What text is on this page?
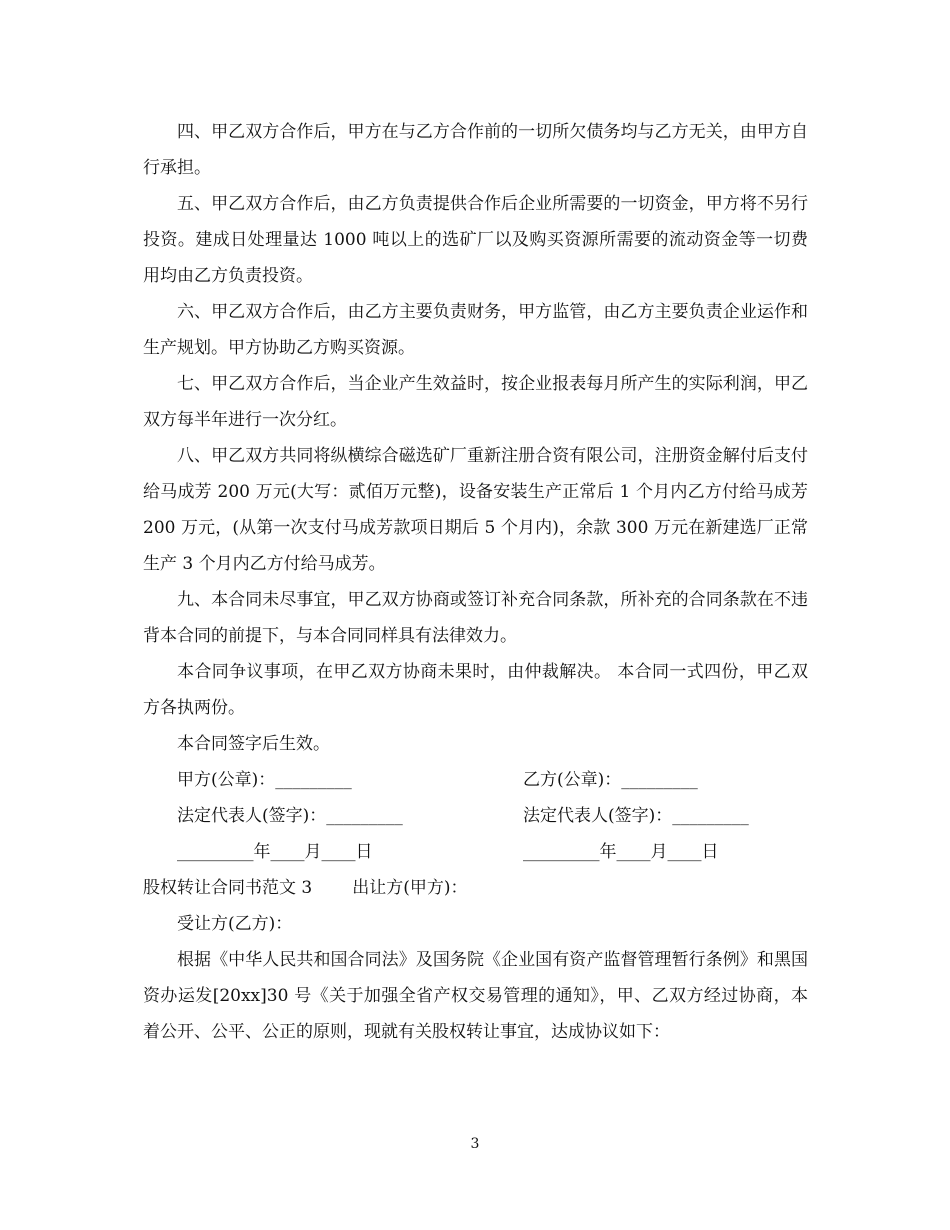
四、甲乙双方合作后，甲方在与乙方合作前的一切所欠债务均与乙方无关，由甲方自行承担。

五、甲乙双方合作后，由乙方负责提供合作后企业所需要的一切资金，甲方将不另行投资。建成日处理量达 1000 吨以上的选矿厂以及购买资源所需要的流动资金等一切费用均由乙方负责投资。

六、甲乙双方合作后，由乙方主要负责财务，甲方监管，由乙方主要负责企业运作和生产规划。甲方协助乙方购买资源。

七、甲乙双方合作后，当企业产生效益时，按企业报表每月所产生的实际利润，甲乙双方每半年进行一次分红。

八、甲乙双方共同将纵横综合磁选矿厂重新注册合资有限公司，注册资金解付后支付给马成芳 200 万元(大写：贰佰万元整)，设备安装生产正常后 1 个月内乙方付给马成芳 200 万元，(从第一次支付马成芳款项日期后 5 个月内)，余款 300 万元在新建选厂正常生产 3 个月内乙方付给马成芳。

九、本合同未尽事宜，甲乙双方协商或签订补充合同条款，所补充的合同条款在不违背本合同的前提下，与本合同同样具有法律效力。

本合同争议事项，在甲乙双方协商未果时，由仲裁解决。 本合同一式四份，甲乙双方各执两份。

本合同签字后生效。

甲方(公章)：_________	乙方(公章)：_________
法定代表人(签字)：_________	法定代表人(签字)：_________
_________年____月____日	_________年____月____日

股权转让合同书范文 3 出让方(甲方)：

受让方(乙方)：

根据《中华人民共和国合同法》及国务院《企业国有资产监督管理暂行条例》和黑国资办运发[20xx]30 号《关于加强全省产权交易管理的通知》，甲、乙双方经过协商，本着公开、公平、公正的原则，现就有关股权转让事宜，达成协议如下：

3
